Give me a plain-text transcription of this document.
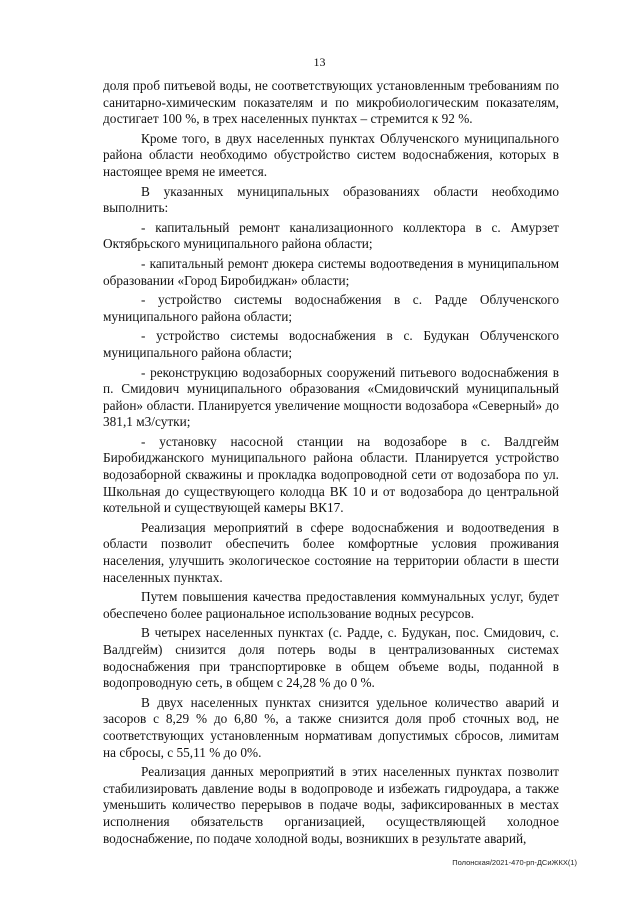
13

доля проб питьевой воды, не соответствующих установленным требованиям по санитарно-химическим показателям и по микробиологическим показателям, достигает 100 %, в трех населенных пунктах – стремится к 92 %.

Кроме того, в двух населенных пунктах Облученского муниципального района области необходимо обустройство систем водоснабжения, которых в настоящее время не имеется.

В указанных муниципальных образованиях области необходимо выполнить:

- капитальный ремонт канализационного коллектора в с. Амурзет Октябрьского муниципального района области;

- капитальный ремонт дюкера системы водоотведения в муниципальном образовании «Город Биробиджан» области;

- устройство системы водоснабжения в с. Радде Облученского муниципального района области;

- устройство системы водоснабжения в с. Будукан Облученского муниципального района области;

- реконструкцию водозаборных сооружений питьевого водоснабжения в п. Смидович муниципального образования «Смидовичский муниципальный район» области. Планируется увеличение мощности водозабора «Северный» до 381,1 м3/сутки;

- установку насосной станции на водозаборе в с. Валдгейм Биробиджанского муниципального района области. Планируется устройство водозаборной скважины и прокладка водопроводной сети от водозабора по ул. Школьная до существующего колодца ВК 10 и от водозабора до центральной котельной и существующей камеры ВК17.

Реализация мероприятий в сфере водоснабжения и водоотведения в области позволит обеспечить более комфортные условия проживания населения, улучшить экологическое состояние на территории области в шести населенных пунктах.

Путем повышения качества предоставления коммунальных услуг, будет обеспечено более рациональное использование водных ресурсов.

В четырех населенных пунктах (с. Радде, с. Будукан, пос. Смидович, с. Валдгейм) снизится доля потерь воды в централизованных системах водоснабжения при транспортировке в общем объеме воды, поданной в водопроводную сеть, в общем с 24,28 % до 0 %.

В двух населенных пунктах снизится удельное количество аварий и засоров с 8,29 % до 6,80 %, а также снизится доля проб сточных вод, не соответствующих установленным нормативам допустимых сбросов, лимитам на сбросы, с 55,11 % до 0%.

Реализация данных мероприятий в этих населенных пунктах позволит стабилизировать давление воды в водопроводе и избежать гидроудара, а также уменьшить количество перерывов в подаче воды, зафиксированных в местах исполнения обязательств организацией, осуществляющей холодное водоснабжение, по подаче холодной воды, возникших в результате аварий,

Полонская/2021-470-рп-ДСиЖКХ(1)
